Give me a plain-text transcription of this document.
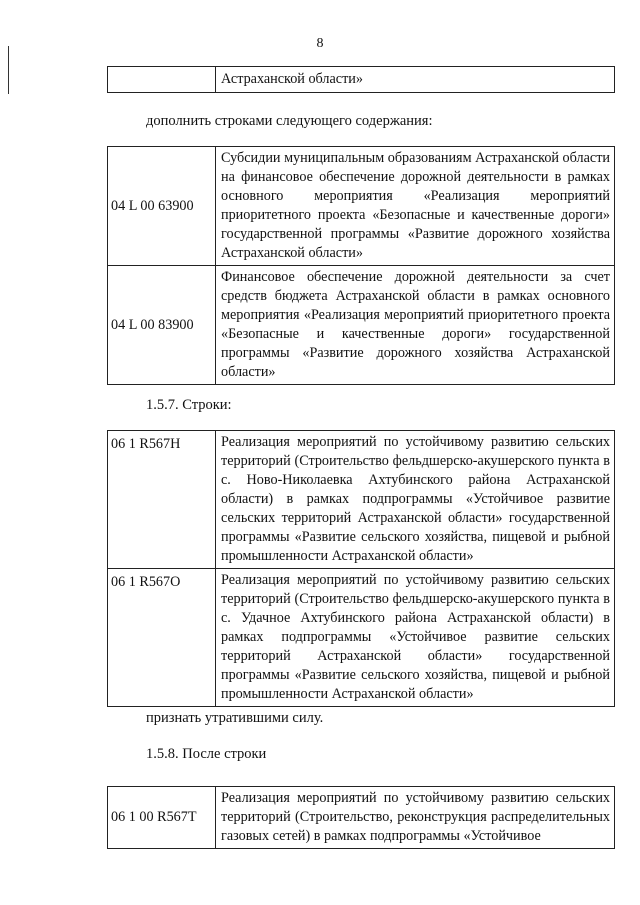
8
	Астраханской области»
дополнить строками следующего содержания:
04 L 00 63900	Субсидии муниципальным образованиям Астраханской области на финансовое обеспечение дорожной деятельности в рамках основного мероприятия «Реализация мероприятий приоритетного проекта «Безопасные и качественные дороги» государственной программы «Развитие дорожного хозяйства Астраханской области»
04 L 00 83900	Финансовое обеспечение дорожной деятельности за счет средств бюджета Астраханской области в рамках основного мероприятия «Реализация мероприятий приоритетного проекта «Безопасные и качественные дороги» государственной программы «Развитие дорожного хозяйства Астраханской области»
1.5.7. Строки:
06 1 R567Н	Реализация мероприятий по устойчивому развитию сельских территорий (Строительство фельдшерско-акушерского пункта в с. Ново-Николаевка Ахтубинского района Астраханской области) в рамках подпрограммы «Устойчивое развитие сельских территорий Астраханской области» государственной программы «Развитие сельского хозяйства, пищевой и рыбной промышленности Астраханской области»
06 1 R567О	Реализация мероприятий по устойчивому развитию сельских территорий (Строительство фельдшерско-акушерского пункта в с. Удачное Ахтубинского района Астраханской области) в рамках подпрограммы «Устойчивое развитие сельских территорий Астраханской области» государственной программы «Развитие сельского хозяйства, пищевой и рыбной промышленности Астраханской области»
признать утратившими силу.
1.5.8. После строки
06 1 00 R567Т	Реализация мероприятий по устойчивому развитию сельских территорий (Строительство, реконструкция распределительных газовых сетей) в рамках подпрограммы «Устойчивое
